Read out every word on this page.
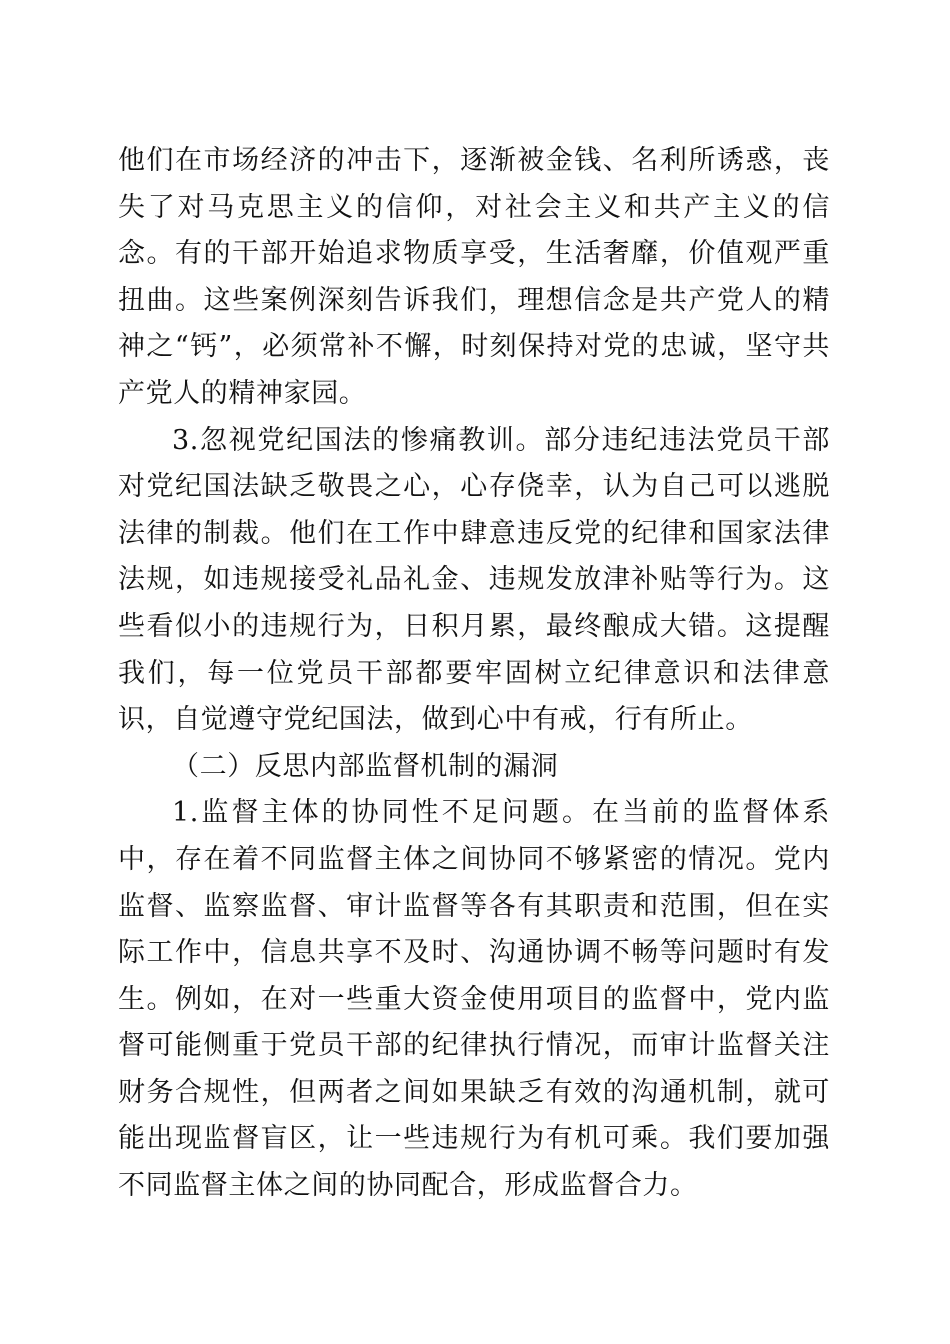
他们在市场经济的冲击下，逐渐被金钱、名利所诱惑，丧失了对马克思主义的信仰，对社会主义和共产主义的信念。有的干部开始追求物质享受，生活奢靡，价值观严重扭曲。这些案例深刻告诉我们，理想信念是共产党人的精神之“钙”，必须常补不懈，时刻保持对党的忠诚，坚守共产党人的精神家园。

3.忽视党纪国法的惨痛教训。部分违纪违法党员干部对党纪国法缺乏敬畏之心，心存侥幸，认为自己可以逃脱法律的制裁。他们在工作中肆意违反党的纪律和国家法律法规，如违规接受礼品礼金、违规发放津补贴等行为。这些看似小的违规行为，日积月累，最终酿成大错。这提醒我们，每一位党员干部都要牢固树立纪律意识和法律意识，自觉遵守党纪国法，做到心中有戒，行有所止。

（二）反思内部监督机制的漏洞

1.监督主体的协同性不足问题。在当前的监督体系中，存在着不同监督主体之间协同不够紧密的情况。党内监督、监察监督、审计监督等各有其职责和范围，但在实际工作中，信息共享不及时、沟通协调不畅等问题时有发生。例如，在对一些重大资金使用项目的监督中，党内监督可能侧重于党员干部的纪律执行情况，而审计监督关注财务合规性，但两者之间如果缺乏有效的沟通机制，就可能出现监督盲区，让一些违规行为有机可乘。我们要加强不同监督主体之间的协同配合，形成监督合力。
